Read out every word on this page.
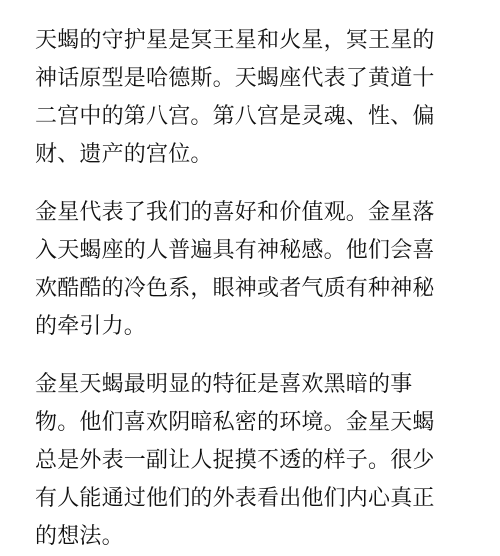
天蝎的守护星是冥王星和火星，冥王星的
神话原型是哈德斯。天蝎座代表了黄道十
二宫中的第八宫。第八宫是灵魂、性、偏
财、遗产的宫位。

金星代表了我们的喜好和价值观。金星落
入天蝎座的人普遍具有神秘感。他们会喜
欢酷酷的冷色系，眼神或者气质有种神秘
的牵引力。

金星天蝎最明显的特征是喜欢黑暗的事
物。他们喜欢阴暗私密的环境。金星天蝎
总是外表一副让人捉摸不透的样子。很少
有人能通过他们的外表看出他们内心真正
的想法。
